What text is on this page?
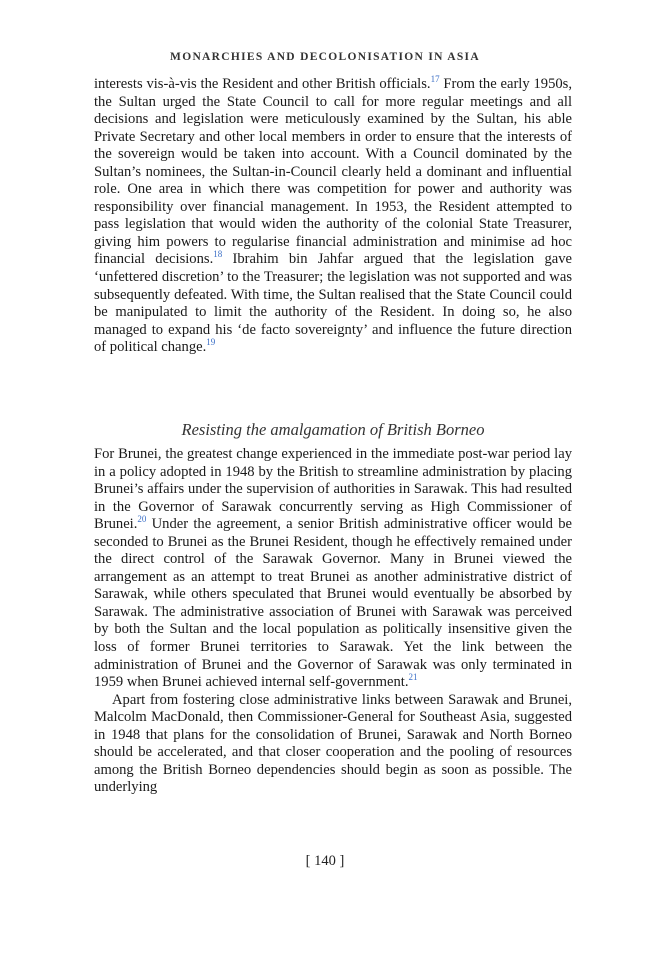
MONARCHIES AND DECOLONISATION IN ASIA

interests vis-à-vis the Resident and other British officials.$^{17}$ From the early 1950s, the Sultan urged the State Council to call for more regular meetings and all decisions and legislation were meticulously examined by the Sultan, his able Private Secretary and other local members in order to ensure that the interests of the sovereign would be taken into account. With a Council dominated by the Sultan’s nominees, the Sultan-in-Council clearly held a dominant and influential role. One area in which there was competition for power and authority was responsibility over financial management. In 1953, the Resident attempted to pass legislation that would widen the authority of the colonial State Treasurer, giving him powers to regularise financial administration and minimise ad hoc financial decisions.$^{18}$ Ibrahim bin Jahfar argued that the legislation gave ‘unfettered discretion’ to the Treasurer; the legislation was not supported and was subsequently defeated. With time, the Sultan realised that the State Council could be manipulated to limit the authority of the Resident. In doing so, he also managed to expand his ‘de facto sovereignty’ and influence the future direction of political change.$^{19}$

Resisting the amalgamation of British Borneo

For Brunei, the greatest change experienced in the immediate post-war period lay in a policy adopted in 1948 by the British to streamline administration by placing Brunei’s affairs under the supervision of authorities in Sarawak. This had resulted in the Governor of Sarawak concurrently serving as High Commissioner of Brunei.$^{20}$ Under the agreement, a senior British administrative officer would be seconded to Brunei as the Brunei Resident, though he effectively remained under the direct control of the Sarawak Governor. Many in Brunei viewed the arrangement as an attempt to treat Brunei as another administrative district of Sarawak, while others speculated that Brunei would eventually be absorbed by Sarawak. The administrative association of Brunei with Sarawak was perceived by both the Sultan and the local population as politically insensitive given the loss of former Brunei territories to Sarawak. Yet the link between the administration of Brunei and the Governor of Sarawak was only terminated in 1959 when Brunei achieved internal self-government.$^{21}$

Apart from fostering close administrative links between Sarawak and Brunei, Malcolm MacDonald, then Commissioner-General for Southeast Asia, suggested in 1948 that plans for the consolidation of Brunei, Sarawak and North Borneo should be accelerated, and that closer cooperation and the pooling of resources among the British Borneo dependencies should begin as soon as possible. The underlying

[ 140 ]
